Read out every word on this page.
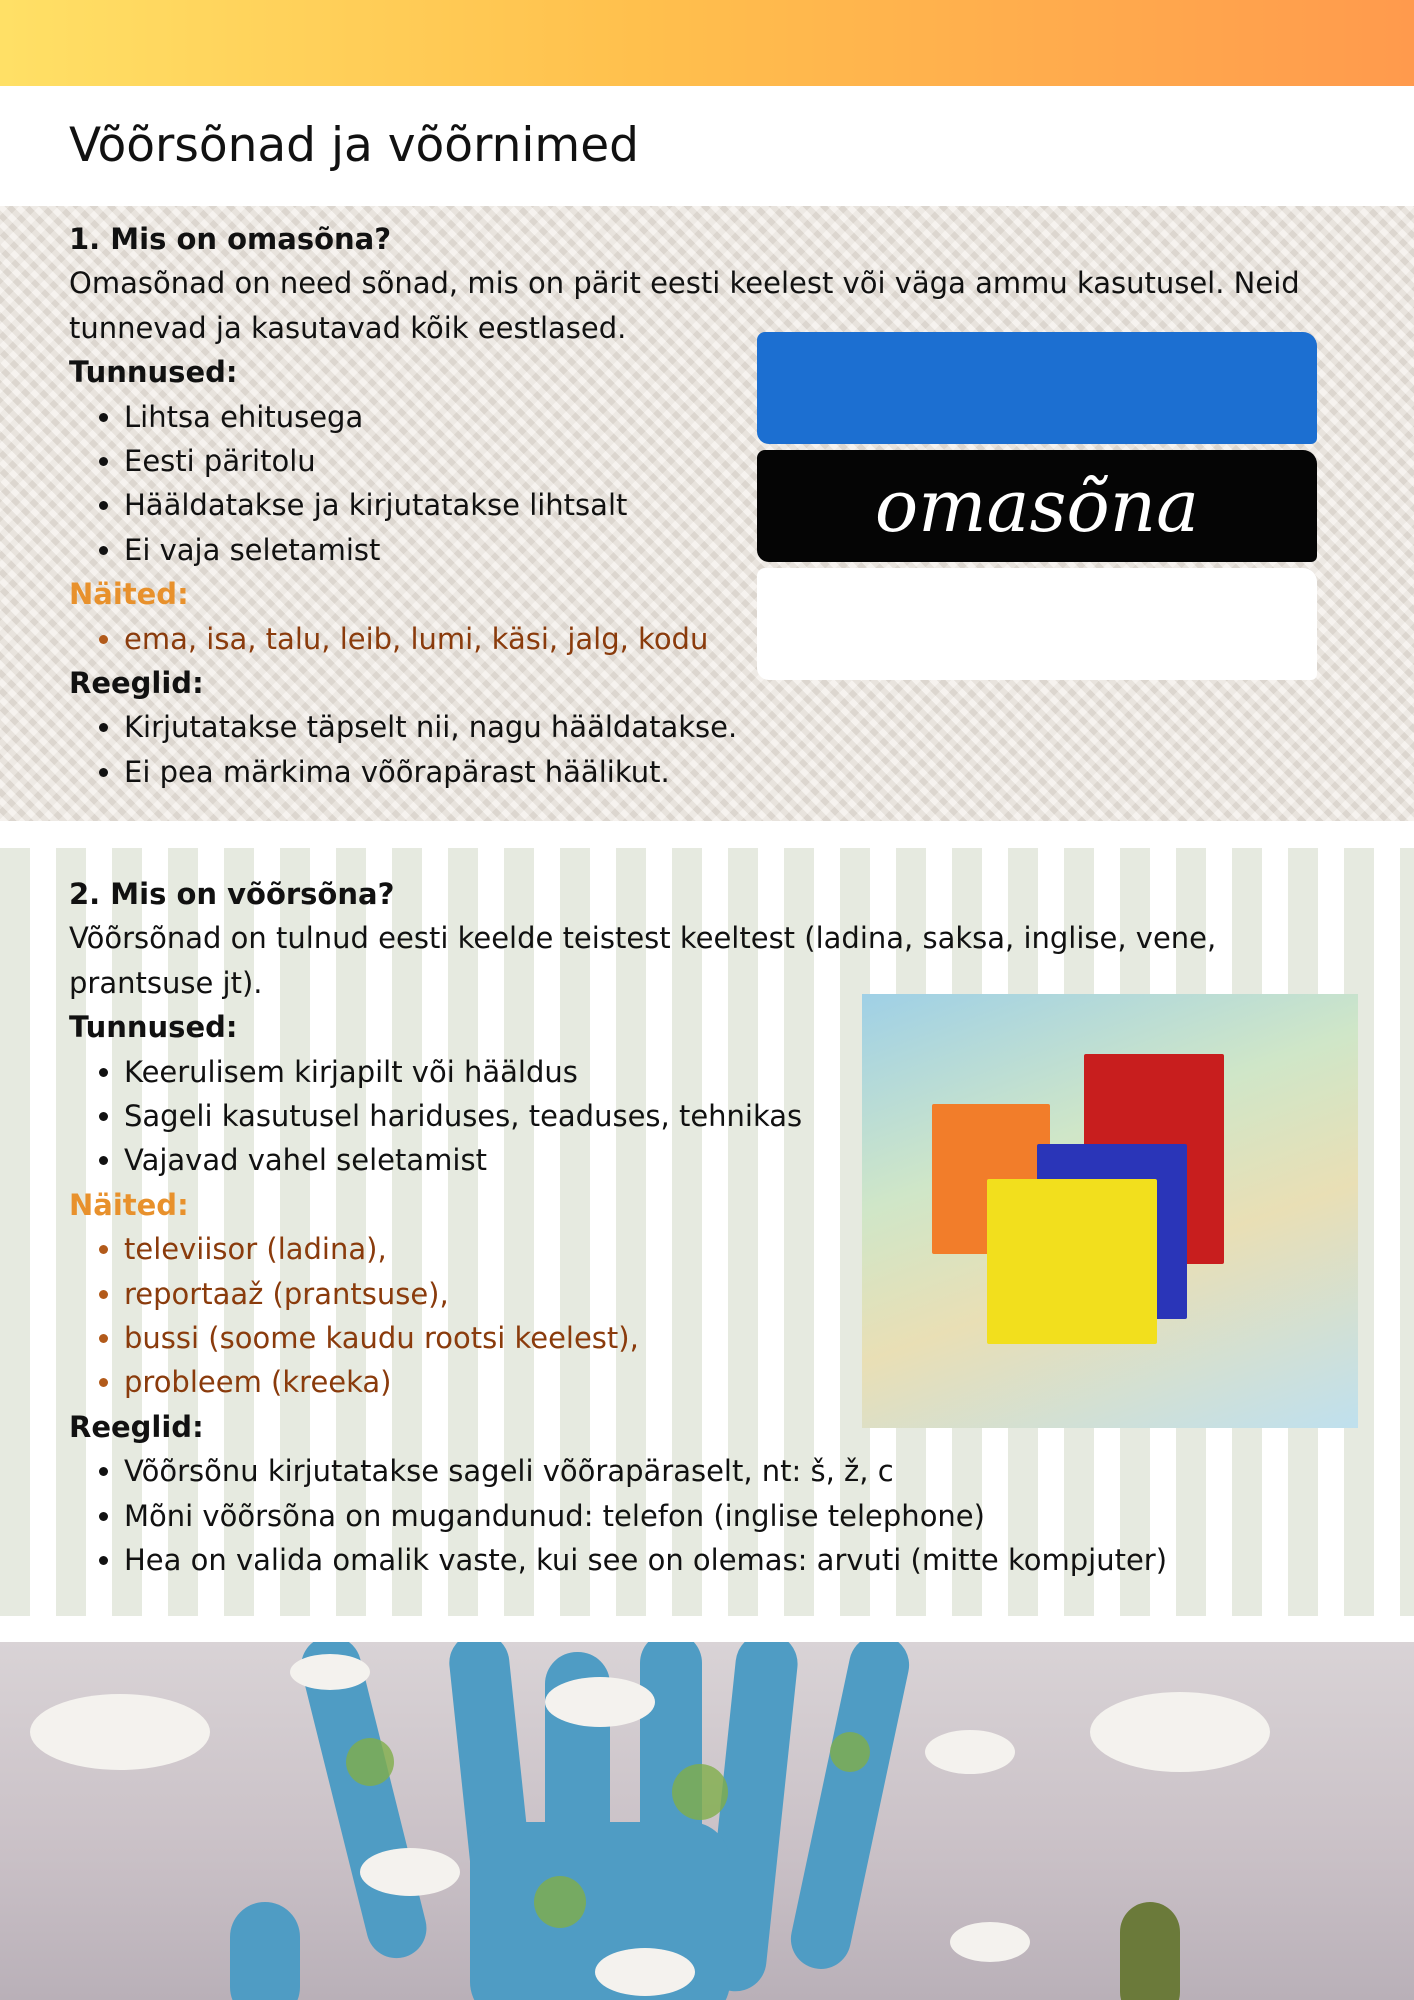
Võõrsõnad ja võõrnimed
omasõna

1. Mis on omasõna?

Omasõnad on need sõnad, mis on pärit eesti keelest või väga ammu kasutusel. Neid tunnevad ja kasutavad kõik eestlased.

Tunnused:

• Lihtsa ehitusega
• Eesti päritolu
• Hääldatakse ja kirjutatakse lihtsalt
• Ei vaja seletamist

Näited:

• ema, isa, talu, leib, lumi, käsi, jalg, kodu

Reeglid:

• Kirjutatakse täpselt nii, nagu hääldatakse.
• Ei pea märkima võõrapärast häälikut.

2. Mis on võõrsõna?

Võõrsõnad on tulnud eesti keelde teistest keeltest (ladina, saksa, inglise, vene, prantsuse jt).

Tunnused:

• Keerulisem kirjapilt või hääldus
• Sageli kasutusel hariduses, teaduses, tehnikas
• Vajavad vahel seletamist

Näited:

• televiisor (ladina),
• reportaaž (prantsuse),
• bussi (soome kaudu rootsi keelest),
• probleem (kreeka)

Reeglid:

• Võõrsõnu kirjutatakse sageli võõrapäraselt, nt: š, ž, c
• Mõni võõrsõna on mugandunud: telefon (inglise telephone)
• Hea on valida omalik vaste, kui see on olemas: arvuti (mitte kompjuter)
